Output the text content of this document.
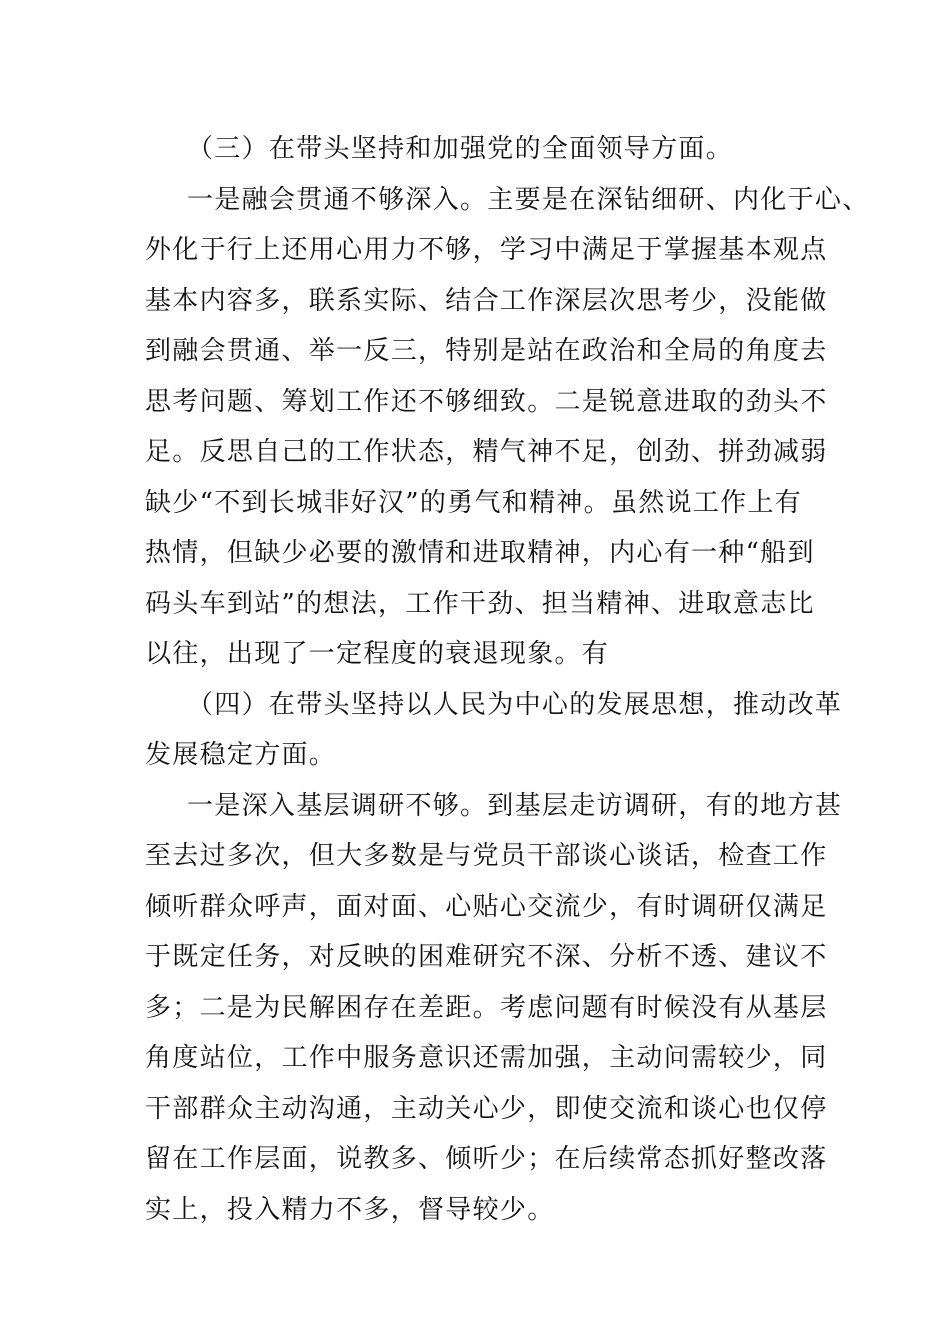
（三）在带头坚持和加强党的全面领导方面。
一是融会贯通不够深入。主要是在深钻细研、内化于心、
外化于行上还用心用力不够，学习中满足于掌握基本观点
基本内容多，联系实际、结合工作深层次思考少，没能做
到融会贯通、举一反三，特别是站在政治和全局的角度去
思考问题、筹划工作还不够细致。二是锐意进取的劲头不
足。反思自己的工作状态，精气神不足，创劲、拼劲减弱
缺少“不到长城非好汉”的勇气和精神。虽然说工作上有
热情，但缺少必要的激情和进取精神，内心有一种“船到
码头车到站”的想法，工作干劲、担当精神、进取意志比
以往，出现了一定程度的衰退现象。有
（四）在带头坚持以人民为中心的发展思想，推动改革
发展稳定方面。
一是深入基层调研不够。到基层走访调研，有的地方甚
至去过多次，但大多数是与党员干部谈心谈话，检查工作
倾听群众呼声，面对面、心贴心交流少，有时调研仅满足
于既定任务，对反映的困难研究不深、分析不透、建议不
多；二是为民解困存在差距。考虑问题有时候没有从基层
角度站位，工作中服务意识还需加强，主动问需较少，同
干部群众主动沟通，主动关心少，即使交流和谈心也仅停
留在工作层面，说教多、倾听少；在后续常态抓好整改落
实上，投入精力不多，督导较少。
